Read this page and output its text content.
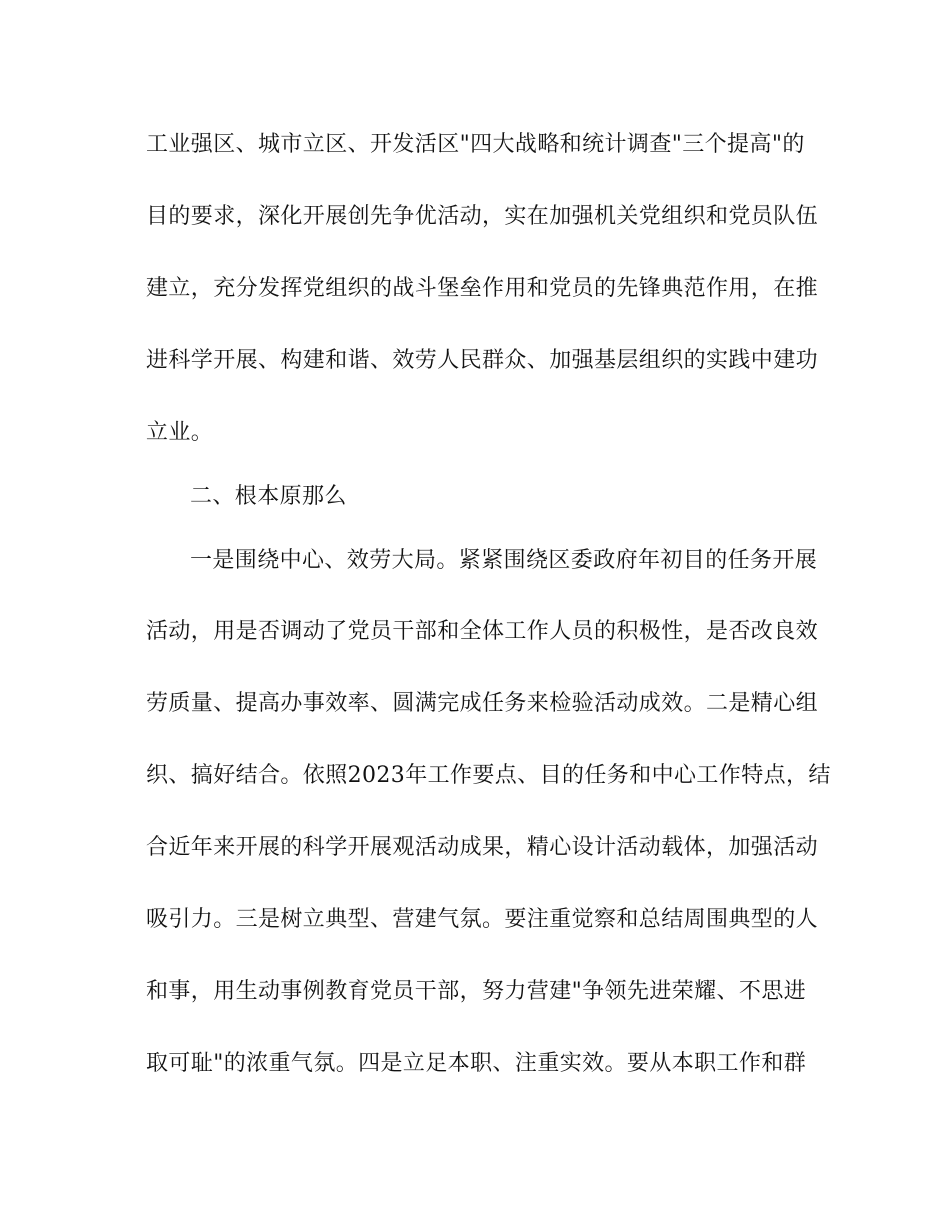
工业强区、城市立区、开发活区"四大战略和统计调查"三个提高"的
目的要求，深化开展创先争优活动，实在加强机关党组织和党员队伍
建立，充分发挥党组织的战斗堡垒作用和党员的先锋典范作用，在推
进科学开展、构建和谐、效劳人民群众、加强基层组织的实践中建功
立业。
二、根本原那么
一是围绕中心、效劳大局。紧紧围绕区委政府年初目的任务开展
活动，用是否调动了党员干部和全体工作人员的积极性，是否改良效
劳质量、提高办事效率、圆满完成任务来检验活动成效。二是精心组
织、搞好结合。依照2023年工作要点、目的任务和中心工作特点，结
合近年来开展的科学开展观活动成果，精心设计活动载体，加强活动
吸引力。三是树立典型、营建气氛。要注重觉察和总结周围典型的人
和事，用生动事例教育党员干部，努力营建"争领先进荣耀、不思进
取可耻"的浓重气氛。四是立足本职、注重实效。要从本职工作和群
